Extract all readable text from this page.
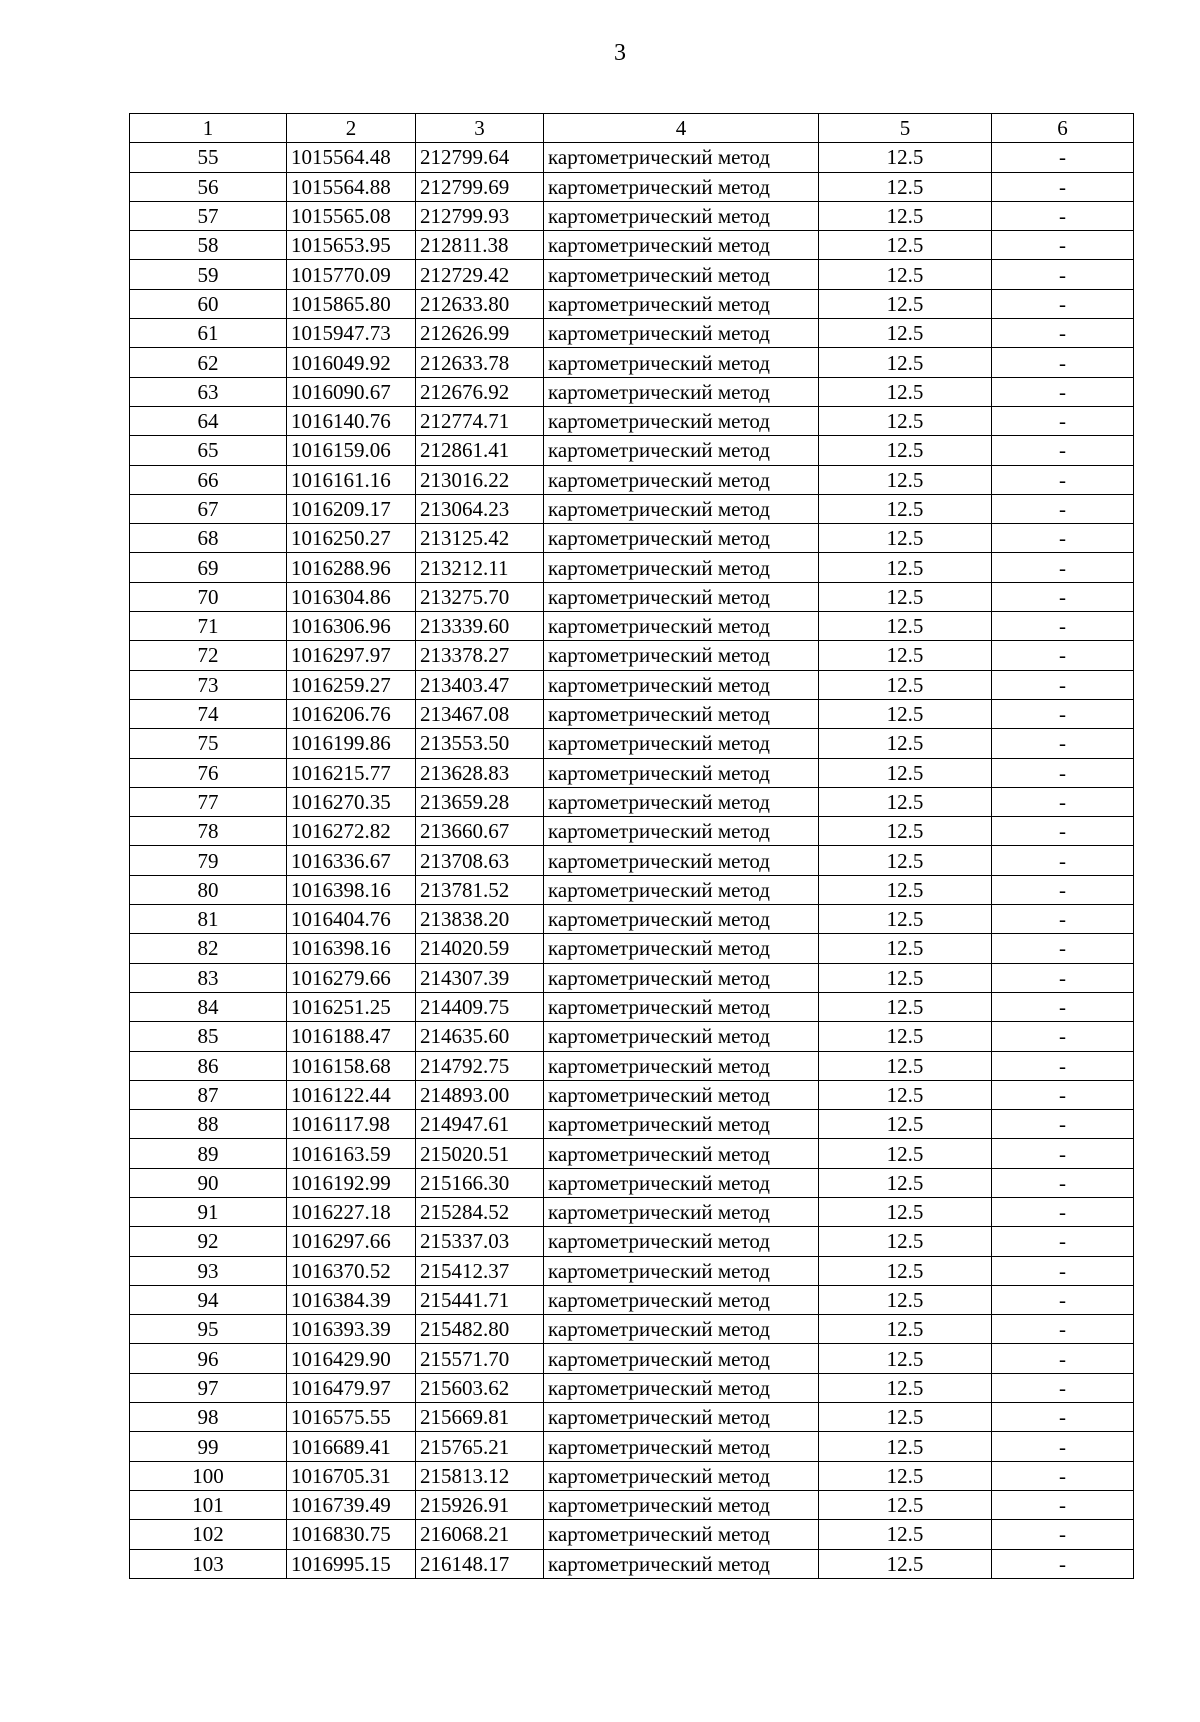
3
1	2	3	4	5	6
55	1015564.48	212799.64	картометрический метод	12.5	-
56	1015564.88	212799.69	картометрический метод	12.5	-
57	1015565.08	212799.93	картометрический метод	12.5	-
58	1015653.95	212811.38	картометрический метод	12.5	-
59	1015770.09	212729.42	картометрический метод	12.5	-
60	1015865.80	212633.80	картометрический метод	12.5	-
61	1015947.73	212626.99	картометрический метод	12.5	-
62	1016049.92	212633.78	картометрический метод	12.5	-
63	1016090.67	212676.92	картометрический метод	12.5	-
64	1016140.76	212774.71	картометрический метод	12.5	-
65	1016159.06	212861.41	картометрический метод	12.5	-
66	1016161.16	213016.22	картометрический метод	12.5	-
67	1016209.17	213064.23	картометрический метод	12.5	-
68	1016250.27	213125.42	картометрический метод	12.5	-
69	1016288.96	213212.11	картометрический метод	12.5	-
70	1016304.86	213275.70	картометрический метод	12.5	-
71	1016306.96	213339.60	картометрический метод	12.5	-
72	1016297.97	213378.27	картометрический метод	12.5	-
73	1016259.27	213403.47	картометрический метод	12.5	-
74	1016206.76	213467.08	картометрический метод	12.5	-
75	1016199.86	213553.50	картометрический метод	12.5	-
76	1016215.77	213628.83	картометрический метод	12.5	-
77	1016270.35	213659.28	картометрический метод	12.5	-
78	1016272.82	213660.67	картометрический метод	12.5	-
79	1016336.67	213708.63	картометрический метод	12.5	-
80	1016398.16	213781.52	картометрический метод	12.5	-
81	1016404.76	213838.20	картометрический метод	12.5	-
82	1016398.16	214020.59	картометрический метод	12.5	-
83	1016279.66	214307.39	картометрический метод	12.5	-
84	1016251.25	214409.75	картометрический метод	12.5	-
85	1016188.47	214635.60	картометрический метод	12.5	-
86	1016158.68	214792.75	картометрический метод	12.5	-
87	1016122.44	214893.00	картометрический метод	12.5	-
88	1016117.98	214947.61	картометрический метод	12.5	-
89	1016163.59	215020.51	картометрический метод	12.5	-
90	1016192.99	215166.30	картометрический метод	12.5	-
91	1016227.18	215284.52	картометрический метод	12.5	-
92	1016297.66	215337.03	картометрический метод	12.5	-
93	1016370.52	215412.37	картометрический метод	12.5	-
94	1016384.39	215441.71	картометрический метод	12.5	-
95	1016393.39	215482.80	картометрический метод	12.5	-
96	1016429.90	215571.70	картометрический метод	12.5	-
97	1016479.97	215603.62	картометрический метод	12.5	-
98	1016575.55	215669.81	картометрический метод	12.5	-
99	1016689.41	215765.21	картометрический метод	12.5	-
100	1016705.31	215813.12	картометрический метод	12.5	-
101	1016739.49	215926.91	картометрический метод	12.5	-
102	1016830.75	216068.21	картометрический метод	12.5	-
103	1016995.15	216148.17	картометрический метод	12.5	-
